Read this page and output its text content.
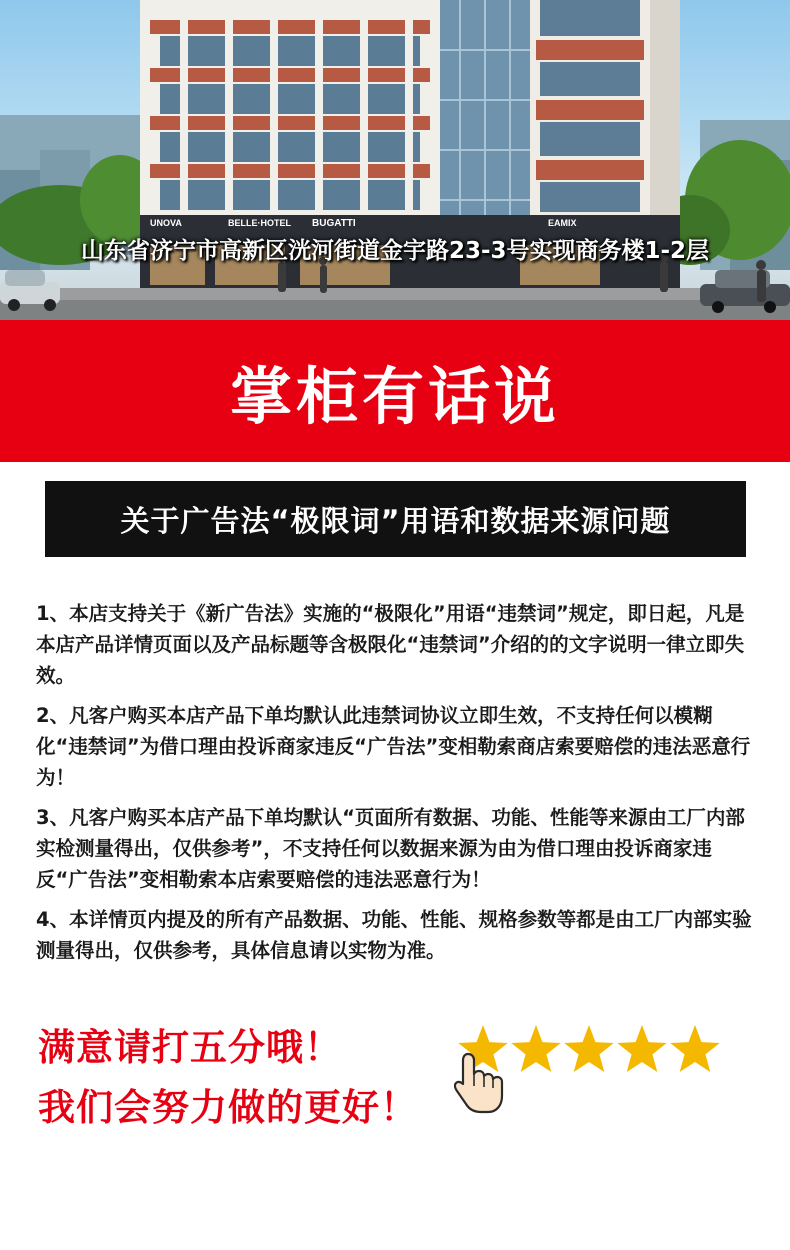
UNOVA	BELLE·HOTEL BUGATTI	EAMIX
山东省济宁市高新区洸河街道金宇路23-3号实现商务楼1-2层
掌柜有话说
关于广告法“极限词”用语和数据来源问题

1、本店支持关于《新广告法》实施的“极限化”用语“违禁词”规定，即日起，凡是本店产品详情页面以及产品标题等含极限化“违禁词”介绍的的文字说明一律立即失效。

2、凡客户购买本店产品下单均默认此违禁词协议立即生效，不支持任何以模糊化“违禁词”为借口理由投诉商家违反“广告法”变相勒索商店索要赔偿的违法恶意行为！

3、凡客户购买本店产品下单均默认“页面所有数据、功能、性能等来源由工厂内部实检测量得出，仅供参考”，不支持任何以数据来源为由为借口理由投诉商家违反“广告法”变相勒索本店索要赔偿的违法恶意行为！

4、本详情页内提及的所有产品数据、功能、性能、规格参数等都是由工厂内部实验测量得出，仅供参考，具体信息请以实物为准。

满意请打五分哦！
我们会努力做的更好！
